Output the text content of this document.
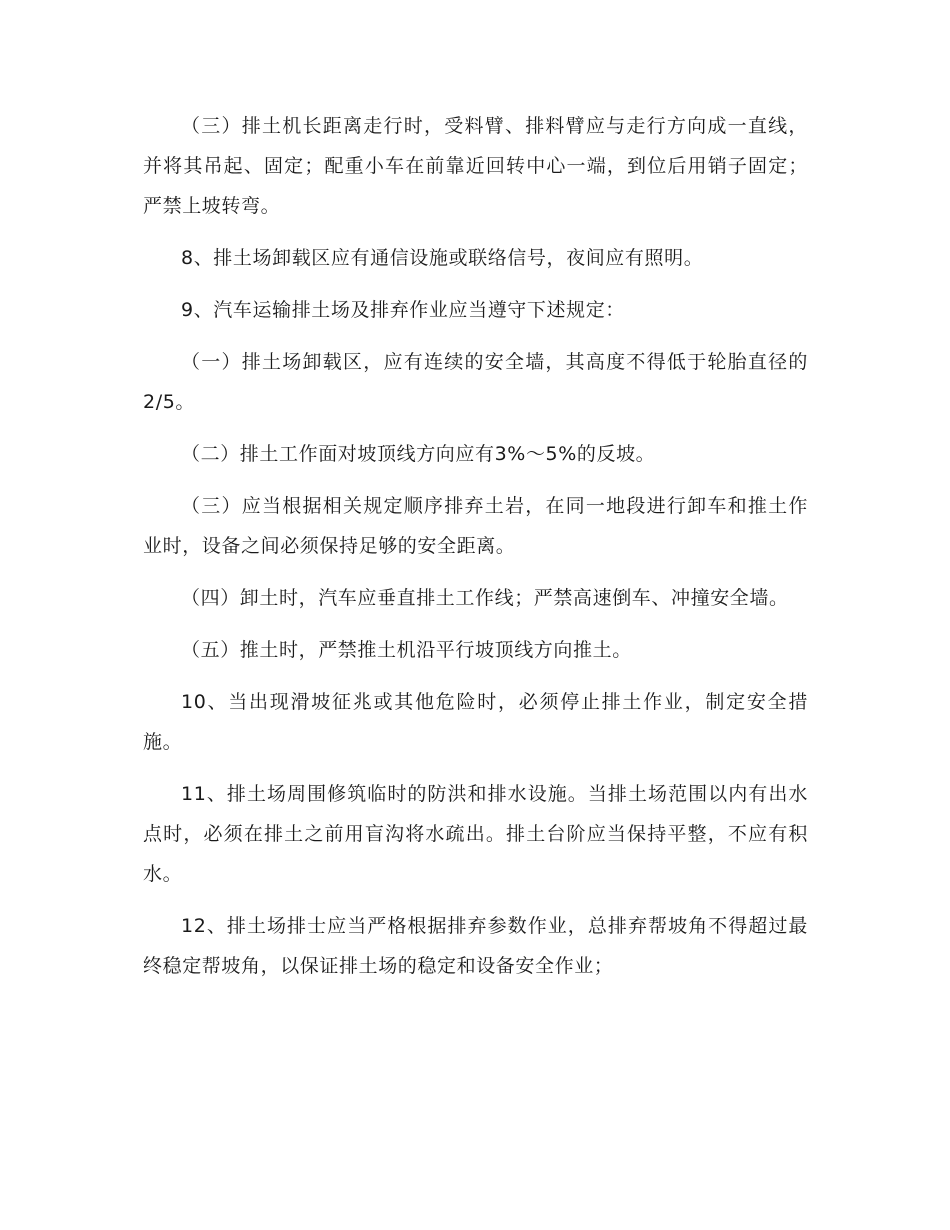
（三）排土机长距离走行时，受料臂、排料臂应与走行方向成一直线，并将其吊起、固定；配重小车在前靠近回转中心一端，到位后用销子固定；严禁上坡转弯。

8、排土场卸载区应有通信设施或联络信号，夜间应有照明。

9、汽车运输排土场及排弃作业应当遵守下述规定：

（一）排土场卸载区，应有连续的安全墙，其高度不得低于轮胎直径的2/5。

（二）排土工作面对坡顶线方向应有3%～5%的反坡。

（三）应当根据相关规定顺序排弃土岩，在同一地段进行卸车和推土作业时，设备之间必须保持足够的安全距离。

（四）卸土时，汽车应垂直排土工作线；严禁高速倒车、冲撞安全墙。

（五）推土时，严禁推土机沿平行坡顶线方向推土。

10、当出现滑坡征兆或其他危险时，必须停止排土作业，制定安全措施。

11、排土场周围修筑临时的防洪和排水设施。当排土场范围以内有出水点时，必须在排土之前用盲沟将水疏出。排土台阶应当保持平整，不应有积水。

12、排土场排士应当严格根据排弃参数作业，总排弃帮坡角不得超过最终稳定帮坡角，以保证排土场的稳定和设备安全作业；
